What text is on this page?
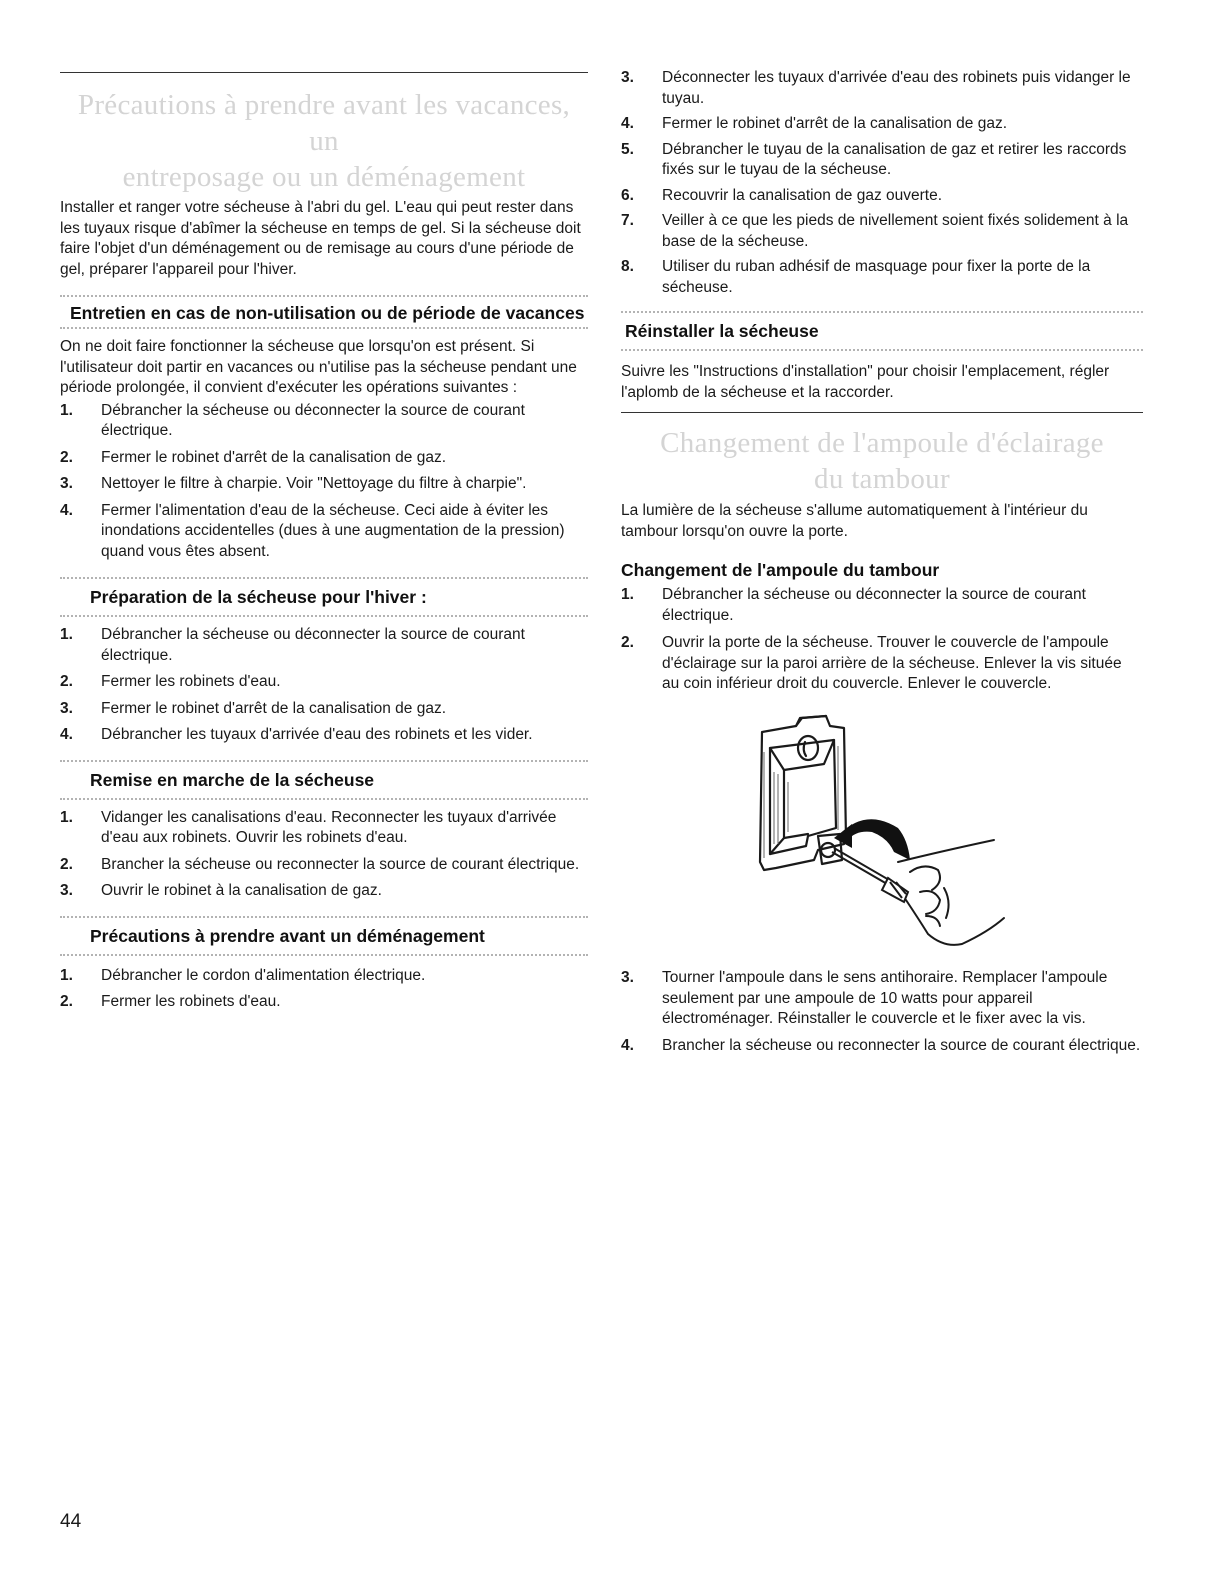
Précautions à prendre avant les vacances, un
entreposage ou un déménagement

Installer et ranger votre sécheuse à l'abri du gel. L'eau qui peut rester dans les tuyaux risque d'abîmer la sécheuse en temps de gel. Si la sécheuse doit faire l'objet d'un déménagement ou de remisage au cours d'une période de gel, préparer l'appareil pour l'hiver.

Entretien en cas de non-utilisation ou de période de vacances

On ne doit faire fonctionner la sécheuse que lorsqu'on est présent. Si l'utilisateur doit partir en vacances ou n'utilise pas la sécheuse pendant une période prolongée, il convient d'exécuter les opérations suivantes :

1. Débrancher la sécheuse ou déconnecter la source de courant électrique.
2. Fermer le robinet d'arrêt de la canalisation de gaz.
3. Nettoyer le filtre à charpie. Voir "Nettoyage du filtre à charpie".
4. Fermer l'alimentation d'eau de la sécheuse. Ceci aide à éviter les inondations accidentelles (dues à une augmentation de la pression) quand vous êtes absent.
Préparation de la sécheuse pour l'hiver :
1. Débrancher la sécheuse ou déconnecter la source de courant électrique.
2. Fermer les robinets d'eau.
3. Fermer le robinet d'arrêt de la canalisation de gaz.
4. Débrancher les tuyaux d'arrivée d'eau des robinets et les vider.
Remise en marche de la sécheuse
1. Vidanger les canalisations d'eau. Reconnecter les tuyaux d'arrivée d'eau aux robinets. Ouvrir les robinets d'eau.
2. Brancher la sécheuse ou reconnecter la source de courant électrique.
3. Ouvrir le robinet à la canalisation de gaz.
Précautions à prendre avant un déménagement
1. Débrancher le cordon d'alimentation électrique.
2. Fermer les robinets d'eau.
3. Déconnecter les tuyaux d'arrivée d'eau des robinets puis vidanger le tuyau.
4. Fermer le robinet d'arrêt de la canalisation de gaz.
5. Débrancher le tuyau de la canalisation de gaz et retirer les raccords fixés sur le tuyau de la sécheuse.
6. Recouvrir la canalisation de gaz ouverte.
7. Veiller à ce que les pieds de nivellement soient fixés solidement à la base de la sécheuse.
8. Utiliser du ruban adhésif de masquage pour fixer la porte de la sécheuse.
Réinstaller la sécheuse

Suivre les "Instructions d'installation" pour choisir l'emplacement, régler l'aplomb de la sécheuse et la raccorder.

Changement de l'ampoule d'éclairage
du tambour

La lumière de la sécheuse s'allume automatiquement à l'intérieur du tambour lorsqu'on ouvre la porte.

Changement de l'ampoule du tambour
1. Débrancher la sécheuse ou déconnecter la source de courant électrique.
2. Ouvrir la porte de la sécheuse. Trouver le couvercle de l'ampoule d'éclairage sur la paroi arrière de la sécheuse. Enlever la vis située au coin inférieur droit du couvercle. Enlever le couvercle.
3. Tourner l'ampoule dans le sens antihoraire. Remplacer l'ampoule seulement par une ampoule de 10 watts pour appareil électroménager. Réinstaller le couvercle et le fixer avec la vis.
4. Brancher la sécheuse ou reconnecter la source de courant électrique.
44
